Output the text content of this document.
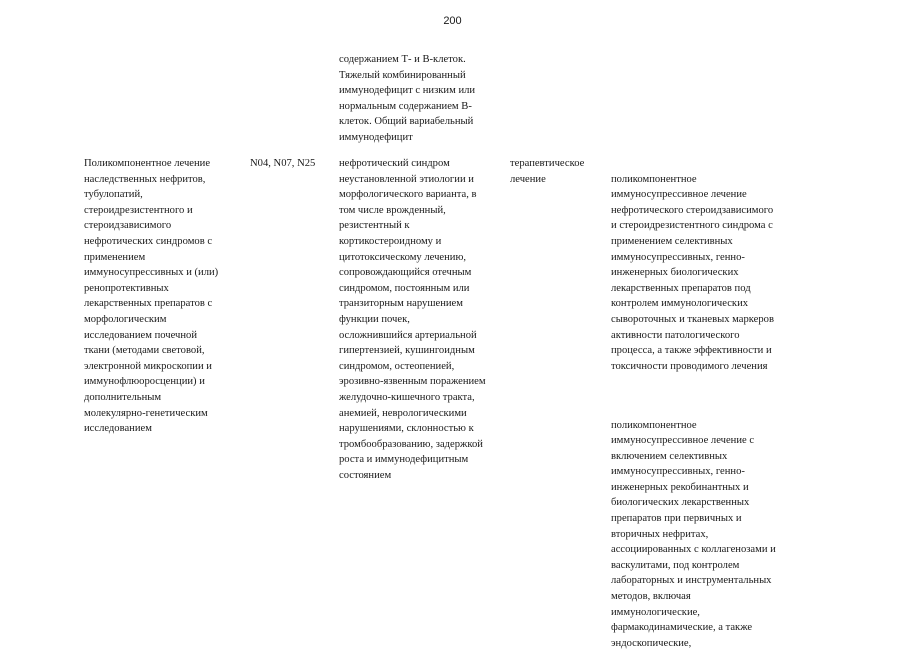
200
содержанием Т- и В-клеток.
Тяжелый комбинированный
иммунодефицит с низким или
нормальным содержанием В-
клеток. Общий вариабельный
иммунодефицит
Поликомпонентное лечение
наследственных нефритов,
тубулопатий,
стероидрезистентного и
стероидзависимого
нефротических синдромов с
применением
иммуносупрессивных и (или)
ренопротективных
лекарственных препаратов с
морфологическим
исследованием почечной
ткани (методами световой,
электронной микроскопии и
иммунофлюоросценции) и
дополнительным
молекулярно-генетическим
исследованием
N04, N07, N25	нефротический синдром
неустановленной этиологии и
морфологического варианта, в
том числе врожденный,
резистентный к
кортикостероидному и
цитотоксическому лечению,
сопровождающийся отечным
синдромом, постоянным или
транзиторным нарушением
функции почек,
осложнившийся артериальной
гипертензией, кушингоидным
синдромом, остеопенией,
эрозивно-язвенным поражением
желудочно-кишечного тракта,
анемией, неврологическими
нарушениями, склонностью к
тромбообразованию, задержкой
роста и иммунодефицитным
состоянием
терапевтическое
лечение	поликомпонентное
иммуносупрессивное лечение
нефротического стероидзависимого
и стероидрезистентного синдрома с
применением селективных
иммуносупрессивных, генно-
инженерных биологических
лекарственных препаратов под
контролем иммунологических
сывороточных и тканевых маркеров
активности патологического
процесса, а также эффективности и
токсичности проводимого лечения

поликомпонентное
иммуносупрессивное лечение с
включением селективных
иммуносупрессивных, генно-
инженерных рекобинантных и
биологических лекарственных
препаратов при первичных и
вторичных нефритах,
ассоциированных с коллагенозами и
васкулитами, под контролем
лабораторных и инструментальных
методов, включая
иммунологические,
фармакодинамические, а также
эндоскопические,
